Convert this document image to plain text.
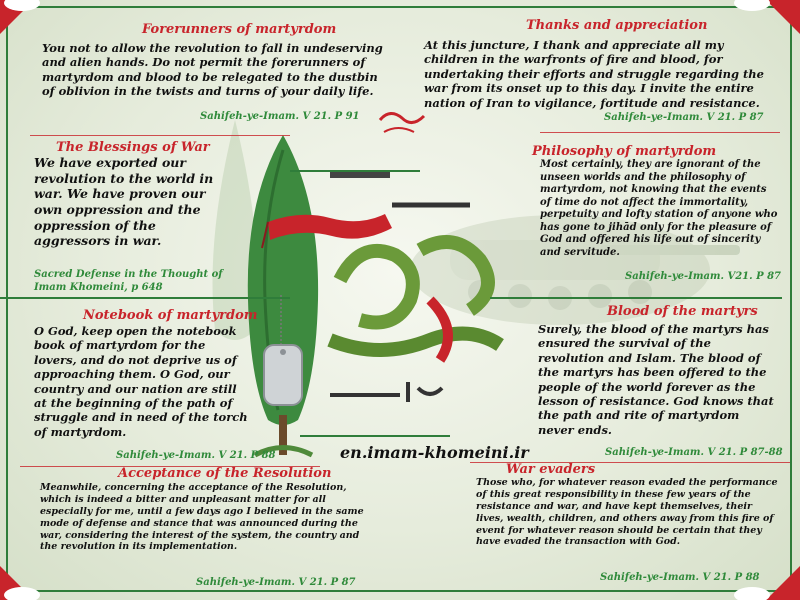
Forerunners of martyrdom

You not to allow the revolution to fall in undeserving and alien hands. Do not permit the forerunners of martyrdom and blood to be relegated to the dustbin of oblivion in the twists and turns of your daily life.

Sahifeh-ye-Imam. V 21. P 91
Thanks and appreciation

At this juncture, I thank and appreciate all my children in the warfronts of fire and blood, for undertaking their efforts and struggle regarding the war from its onset up to this day. I invite the entire nation of Iran to vigilance, fortitude and resistance.

Sahifeh-ye-Imam. V 21. P 87
The Blessings of War

We have exported our revolution to the world in war. We have proven our own oppression and the oppression of the aggressors in war.

Sacred Defense in the Thought of Imam Khomeini, p 648
Philosophy of martyrdom

Most certainly, they are ignorant of the unseen worlds and the philosophy of martyrdom, not knowing that the events of time do not affect the immortality, perpetuity and lofty station of anyone who has gone to jihād only for the pleasure of God and offered his life out of sincerity and servitude.

Sahifeh-ye-Imam. V21. P 87
Notebook of martyrdom

O God, keep open the notebook book of martyrdom for the lovers, and do not deprive us of approaching them. O God, our country and our nation are still at the beginning of the path of struggle and in need of the torch of martyrdom.

Sahifeh-ye-Imam. V 21. P 88
Blood of the martyrs

Surely, the blood of the martyrs has ensured the survival of the revolution and Islam. The blood of the martyrs has been offered to the people of the world forever as the lesson of resistance. God knows that the path and rite of martyrdom never ends.

Sahifeh-ye-Imam. V 21. P 87-88
Acceptance of the Resolution

Meanwhile, concerning the acceptance of the Resolution, which is indeed a bitter and unpleasant matter for all especially for me, until a few days ago I believed in the same mode of defense and stance that was announced during the war, considering the interest of the system, the country and the revolution in its implementation.

Sahifeh-ye-Imam. V 21. P 87
War evaders

Those who, for whatever reason evaded the performance of this great responsibility in these few years of the resistance and war, and have kept themselves, their lives, wealth, children, and others away from this fire of event for whatever reason should be certain that they have evaded the transaction with God.

Sahifeh-ye-Imam. V 21. P 88
en.imam-khomeini.ir
